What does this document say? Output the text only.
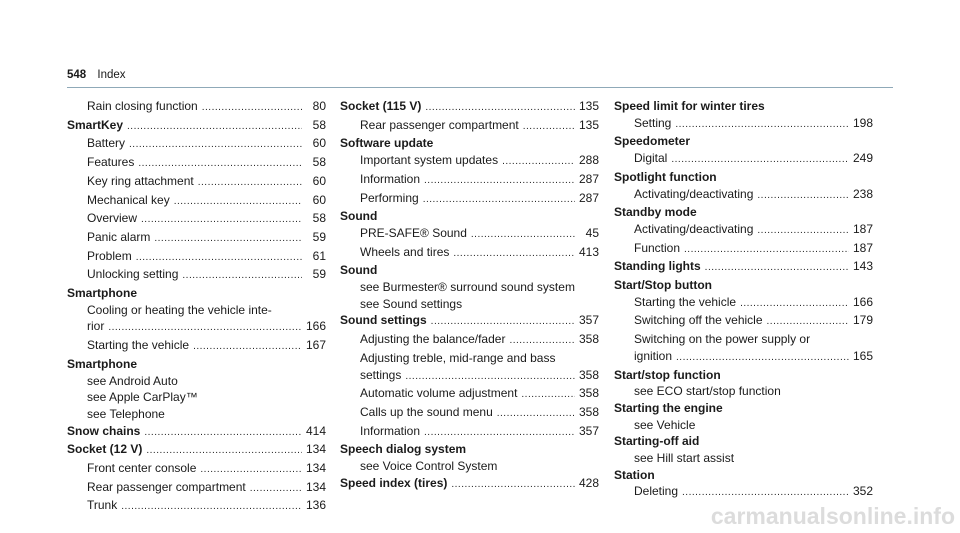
548 Index
Rain closing function .....	80
SmartKey .....	58
Battery .....	60
Features .....	58
Key ring attachment .....	60
Mechanical key .....	60
Overview .....	58
Panic alarm .....	59
Problem .....	61
Unlocking setting .....	59
Smartphone
Cooling or heating the vehicle inte-
rior .....	166
Starting the vehicle .....	167
Smartphone
see Android Auto
see Apple CarPlay™
see Telephone
Snow chains .....	414
Socket (12 V) .....	134
Front center console .....	134
Rear passenger compartment .....	134
Trunk .....	136
Socket (115 V) .....	135
Rear passenger compartment .....	135
Software update
Important system updates .....	288
Information .....	287
Performing .....	287
Sound
PRE-SAFE® Sound .....	45
Wheels and tires .....	413
Sound
see Burmester® surround sound system
see Sound settings
Sound settings .....	357
Adjusting the balance/fader .....	358
Adjusting treble, mid-range and bass
settings .....	358
Automatic volume adjustment .....	358
Calls up the sound menu .....	358
Information .....	357
Speech dialog system
see Voice Control System
Speed index (tires) .....	428
Speed limit for winter tires
Setting .....	198
Speedometer
Digital .....	249
Spotlight function
Activating/deactivating .....	238
Standby mode
Activating/deactivating .....	187
Function .....	187
Standing lights .....	143
Start/Stop button
Starting the vehicle .....	166
Switching off the vehicle .....	179
Switching on the power supply or
ignition .....	165
Start/stop function
see ECO start/stop function
Starting the engine
see Vehicle
Starting-off aid
see Hill start assist
Station
Deleting .....	352
carmanualsonline.info
